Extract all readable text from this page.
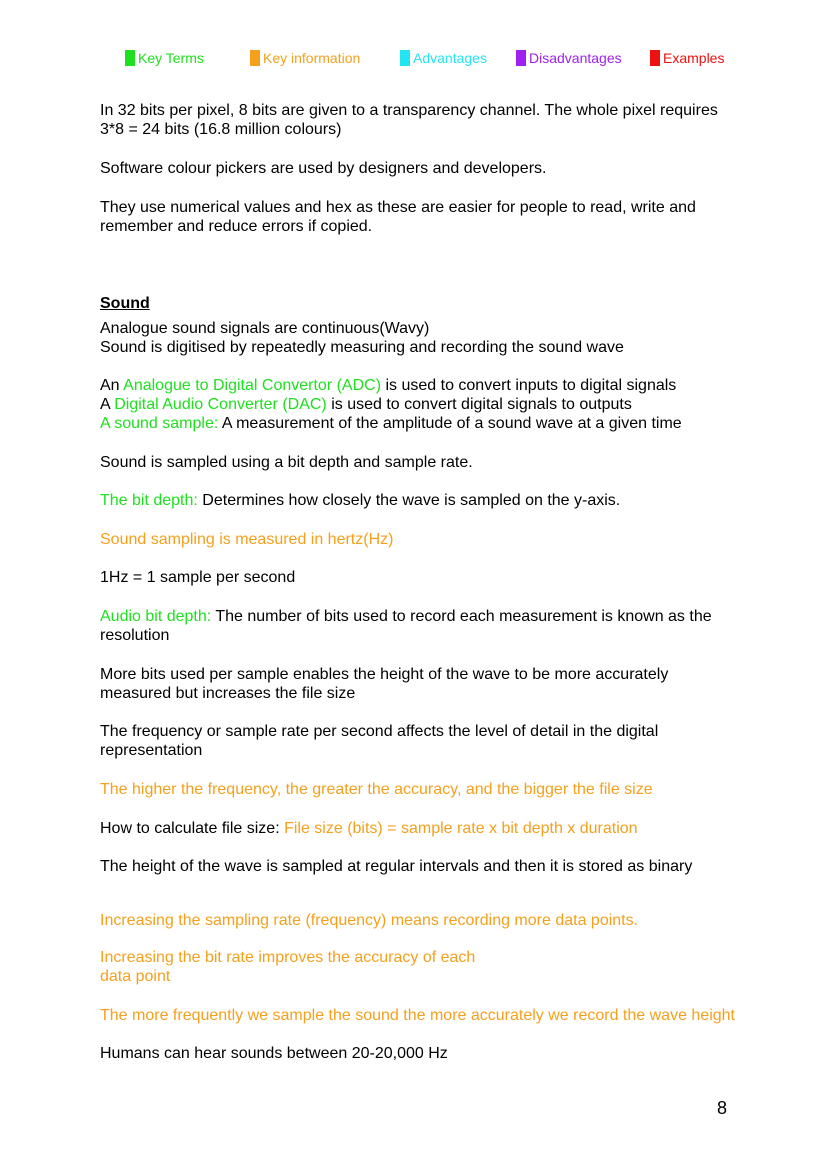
Key Terms	Key information	Advantages	Disadvantages	Examples

In 32 bits per pixel, 8 bits are given to a transparency channel. The whole pixel requires 3*8 = 24 bits (16.8 million colours)

Software colour pickers are used by designers and developers.

They use numerical values and hex as these are easier for people to read, write and remember and reduce errors if copied.

Sound

Analogue sound signals are continuous(Wavy)

Sound is digitised by repeatedly measuring and recording the sound wave

An Analogue to Digital Convertor (ADC) is used to convert inputs to digital signals

A Digital Audio Converter (DAC) is used to convert digital signals to outputs

A sound sample: A measurement of the amplitude of a sound wave at a given time

Sound is sampled using a bit depth and sample rate.

The bit depth: Determines how closely the wave is sampled on the y-axis.

Sound sampling is measured in hertz(Hz)

1Hz = 1 sample per second

Audio bit depth: The number of bits used to record each measurement is known as the resolution

More bits used per sample enables the height of the wave to be more accurately measured but increases the file size

The frequency or sample rate per second affects the level of detail in the digital representation

The higher the frequency, the greater the accuracy, and the bigger the file size

How to calculate file size: File size (bits) = sample rate x bit depth x duration

The height of the wave is sampled at regular intervals and then it is stored as binary

Increasing the sampling rate (frequency) means recording more data points.

Increasing the bit rate improves the accuracy of each
data point

The more frequently we sample the sound the more accurately we record the wave height

Humans can hear sounds between 20-20,000 Hz

8
